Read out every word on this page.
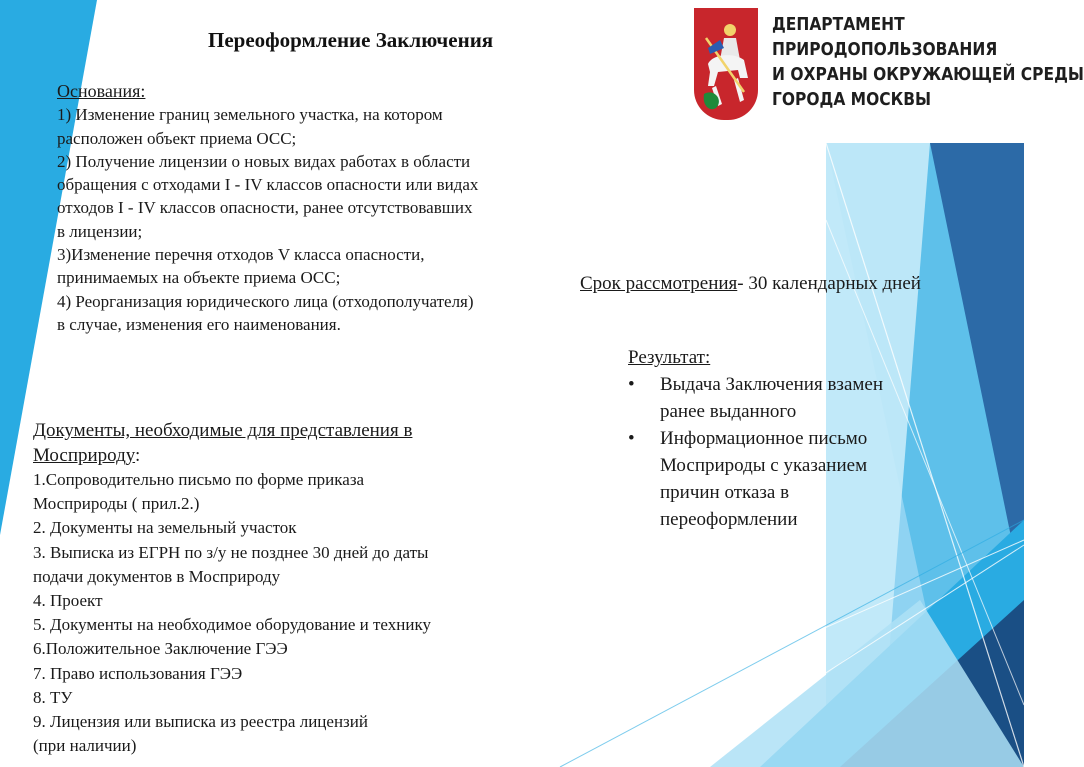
Переоформление Заключения
ДЕПАРТАМЕНТ
ПРИРОДОПОЛЬЗОВАНИЯ
И ОХРАНЫ ОКРУЖАЮЩЕЙ СРЕДЫ
ГОРОДА МОСКВЫ
Основания:
1) Изменение границ земельного участка, на котором
расположен объект приема ОСС;
2) Получение лицензии о новых видах работах в области
обращения с отходами I - IV классов опасности или видах
отходов I - IV классов опасности, ранее отсутствовавших
в лицензии;
3)Изменение перечня отходов V класса опасности,
принимаемых на объекте приема ОСС;
4) Реорганизация юридического лица (отходополучателя)
в случае, изменения его наименования.
Документы, необходимые для представления в
Мосприроду:
1.Сопроводительно письмо по форме приказа
Мосприроды ( прил.2.)
2. Документы на земельный участок
3. Выписка из ЕГРН по з/у не позднее 30 дней до даты
подачи документов в Мосприроду
4. Проект
5. Документы на необходимое оборудование и технику
6.Положительное Заключение ГЭЭ
7. Право использования ГЭЭ
8. ТУ
9. Лицензия или выписка из реестра лицензий
(при наличии)
Срок рассмотрения- 30 календарных дней
Результат:
• Выдача Заключения взамен ранее выданного
• Информационное письмо Мосприроды с указанием причин отказа в переоформлении
